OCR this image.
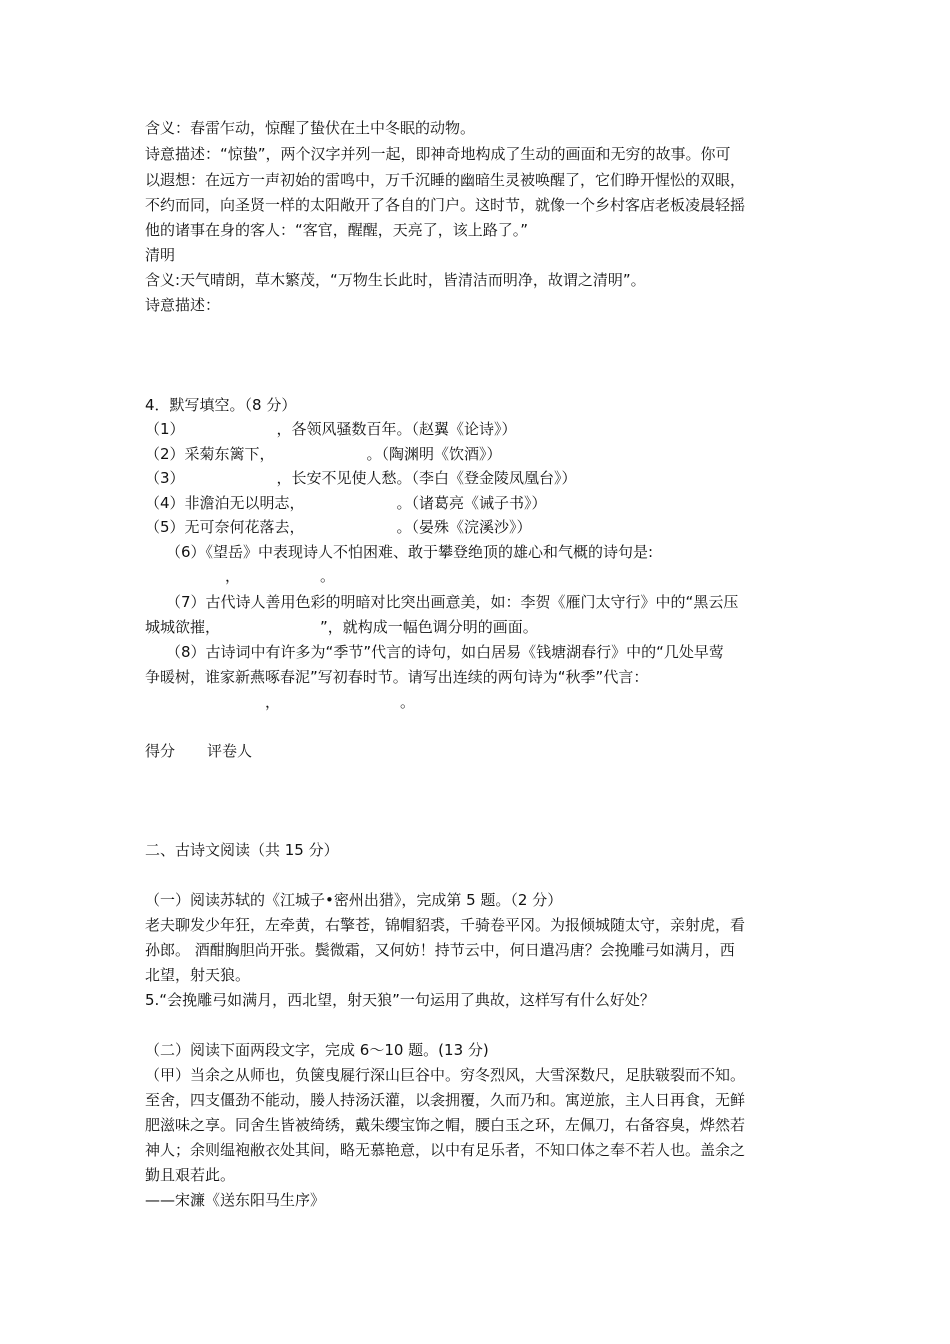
含义：春雷乍动，惊醒了蛰伏在土中冬眠的动物。
诗意描述：“惊蛰”，两个汉字并列一起，即神奇地构成了生动的画面和无穷的故事。你可
以遐想：在远方一声初始的雷鸣中，万千沉睡的幽暗生灵被唤醒了，它们睁开惺忪的双眼，
不约而同，向圣贤一样的太阳敞开了各自的门户。这时节，就像一个乡村客店老板凌晨轻摇
他的诸事在身的客人：“客官，醒醒，天亮了，该上路了。”
清明
含义:天气晴朗，草木繁茂，“万物生长此时，皆清洁而明净，故谓之清明”。
诗意描述：
4．默写填空。（8 分）
（1）	，各领风骚数百年。（赵翼《论诗》）
（2）采菊东篱下，	。（陶渊明《饮酒》）
（3）	，长安不见使人愁。（李白《登金陵凤凰台》）
（4）非澹泊无以明志，	。（诸葛亮《诫子书》）
（5）无可奈何花落去，	。（晏殊《浣溪沙》）
（6）《望岳》中表现诗人不怕困难、敢于攀登绝顶的雄心和气概的诗句是:
，	。
（7）古代诗人善用色彩的明暗对比突出画意美，如：李贺《雁门太守行》中的“黑云压
城城欲摧，	”，就构成一幅色调分明的画面。
（8）古诗词中有许多为“季节”代言的诗句，如白居易《钱塘湖春行》中的“几处早莺
争暖树，谁家新燕啄春泥”写初春时节。请写出连续的两句诗为“秋季”代言：
，	。
得分 评卷人
二、古诗文阅读（共 15 分）
（一）阅读苏轼的《江城子•密州出猎》，完成第 5 题。（2 分）
老夫聊发少年狂，左牵黄，右擎苍，锦帽貂裘，千骑卷平冈。为报倾城随太守，亲射虎，看
孙郎。 酒酣胸胆尚开张。鬓微霜，又何妨！持节云中，何日遣冯唐？会挽雕弓如满月，西
北望，射天狼。
5.“会挽雕弓如满月，西北望，射天狼”一句运用了典故，这样写有什么好处？
（二）阅读下面两段文字，完成 6～10 题。(13 分)
（甲）当余之从师也，负箧曳屣行深山巨谷中。穷冬烈风，大雪深数尺，足肤皲裂而不知。
至舍，四支僵劲不能动，媵人持汤沃灌，以衾拥覆，久而乃和。寓逆旅，主人日再食，无鲜
肥滋味之享。同舍生皆被绮绣，戴朱缨宝饰之帽，腰白玉之环，左佩刀，右备容臭，烨然若
神人；余则缊袍敝衣处其间，略无慕艳意，以中有足乐者，不知口体之奉不若人也。盖余之
勤且艰若此。
——宋濂《送东阳马生序》
